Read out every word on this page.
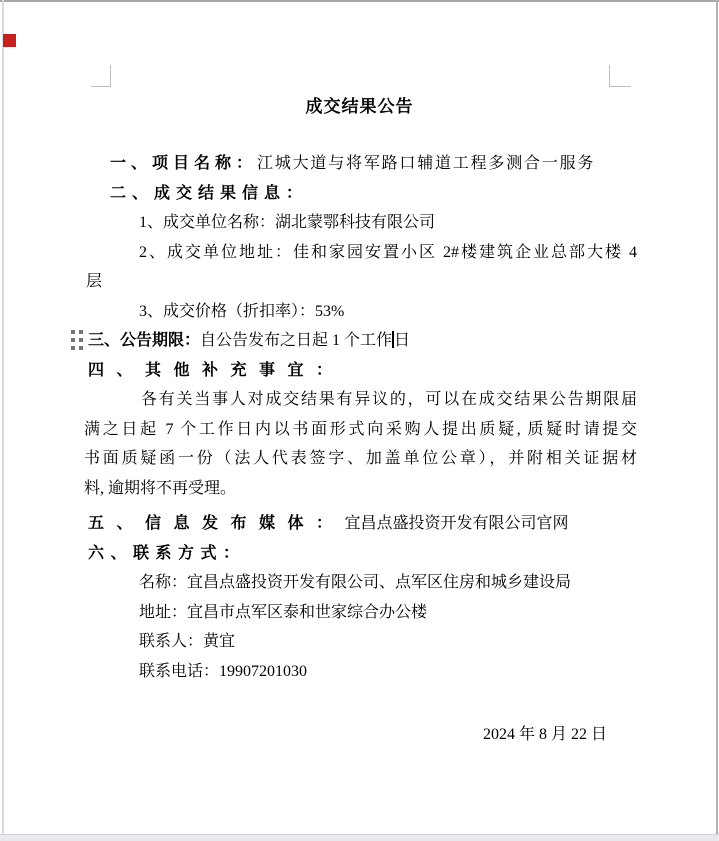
成交结果公告
一、项目名称：江城大道与将军路口辅道工程多测合一服务
二、成交结果信息：
1、成交单位名称：湖北蒙鄂科技有限公司
2、成交单位地址：佳和家园安置小区 2#楼建筑企业总部大楼 4
层
3、成交价格（折扣率）：53%
三、公告期限：自公告发布之日起 1 个工作 日
四、其他补充事宜：
各有关当事人对成交结果有异议的，可以在成交结果公告期限届
满之日起 7 个工作日内以书面形式向采购人提出质疑, 质疑时请提交
书面质疑函一份（法人代表签字、加盖单位公章），并附相关证据材
料, 逾期将不再受理。
五、信息发布媒体：宜昌点盛投资开发有限公司官网
六、联系方式：
名称：宜昌点盛投资开发有限公司、点军区住房和城乡建设局
地址：宜昌市点军区泰和世家综合办公楼
联系人：黄宜
联系电话：19907201030
2024 年 8 月 22 日
